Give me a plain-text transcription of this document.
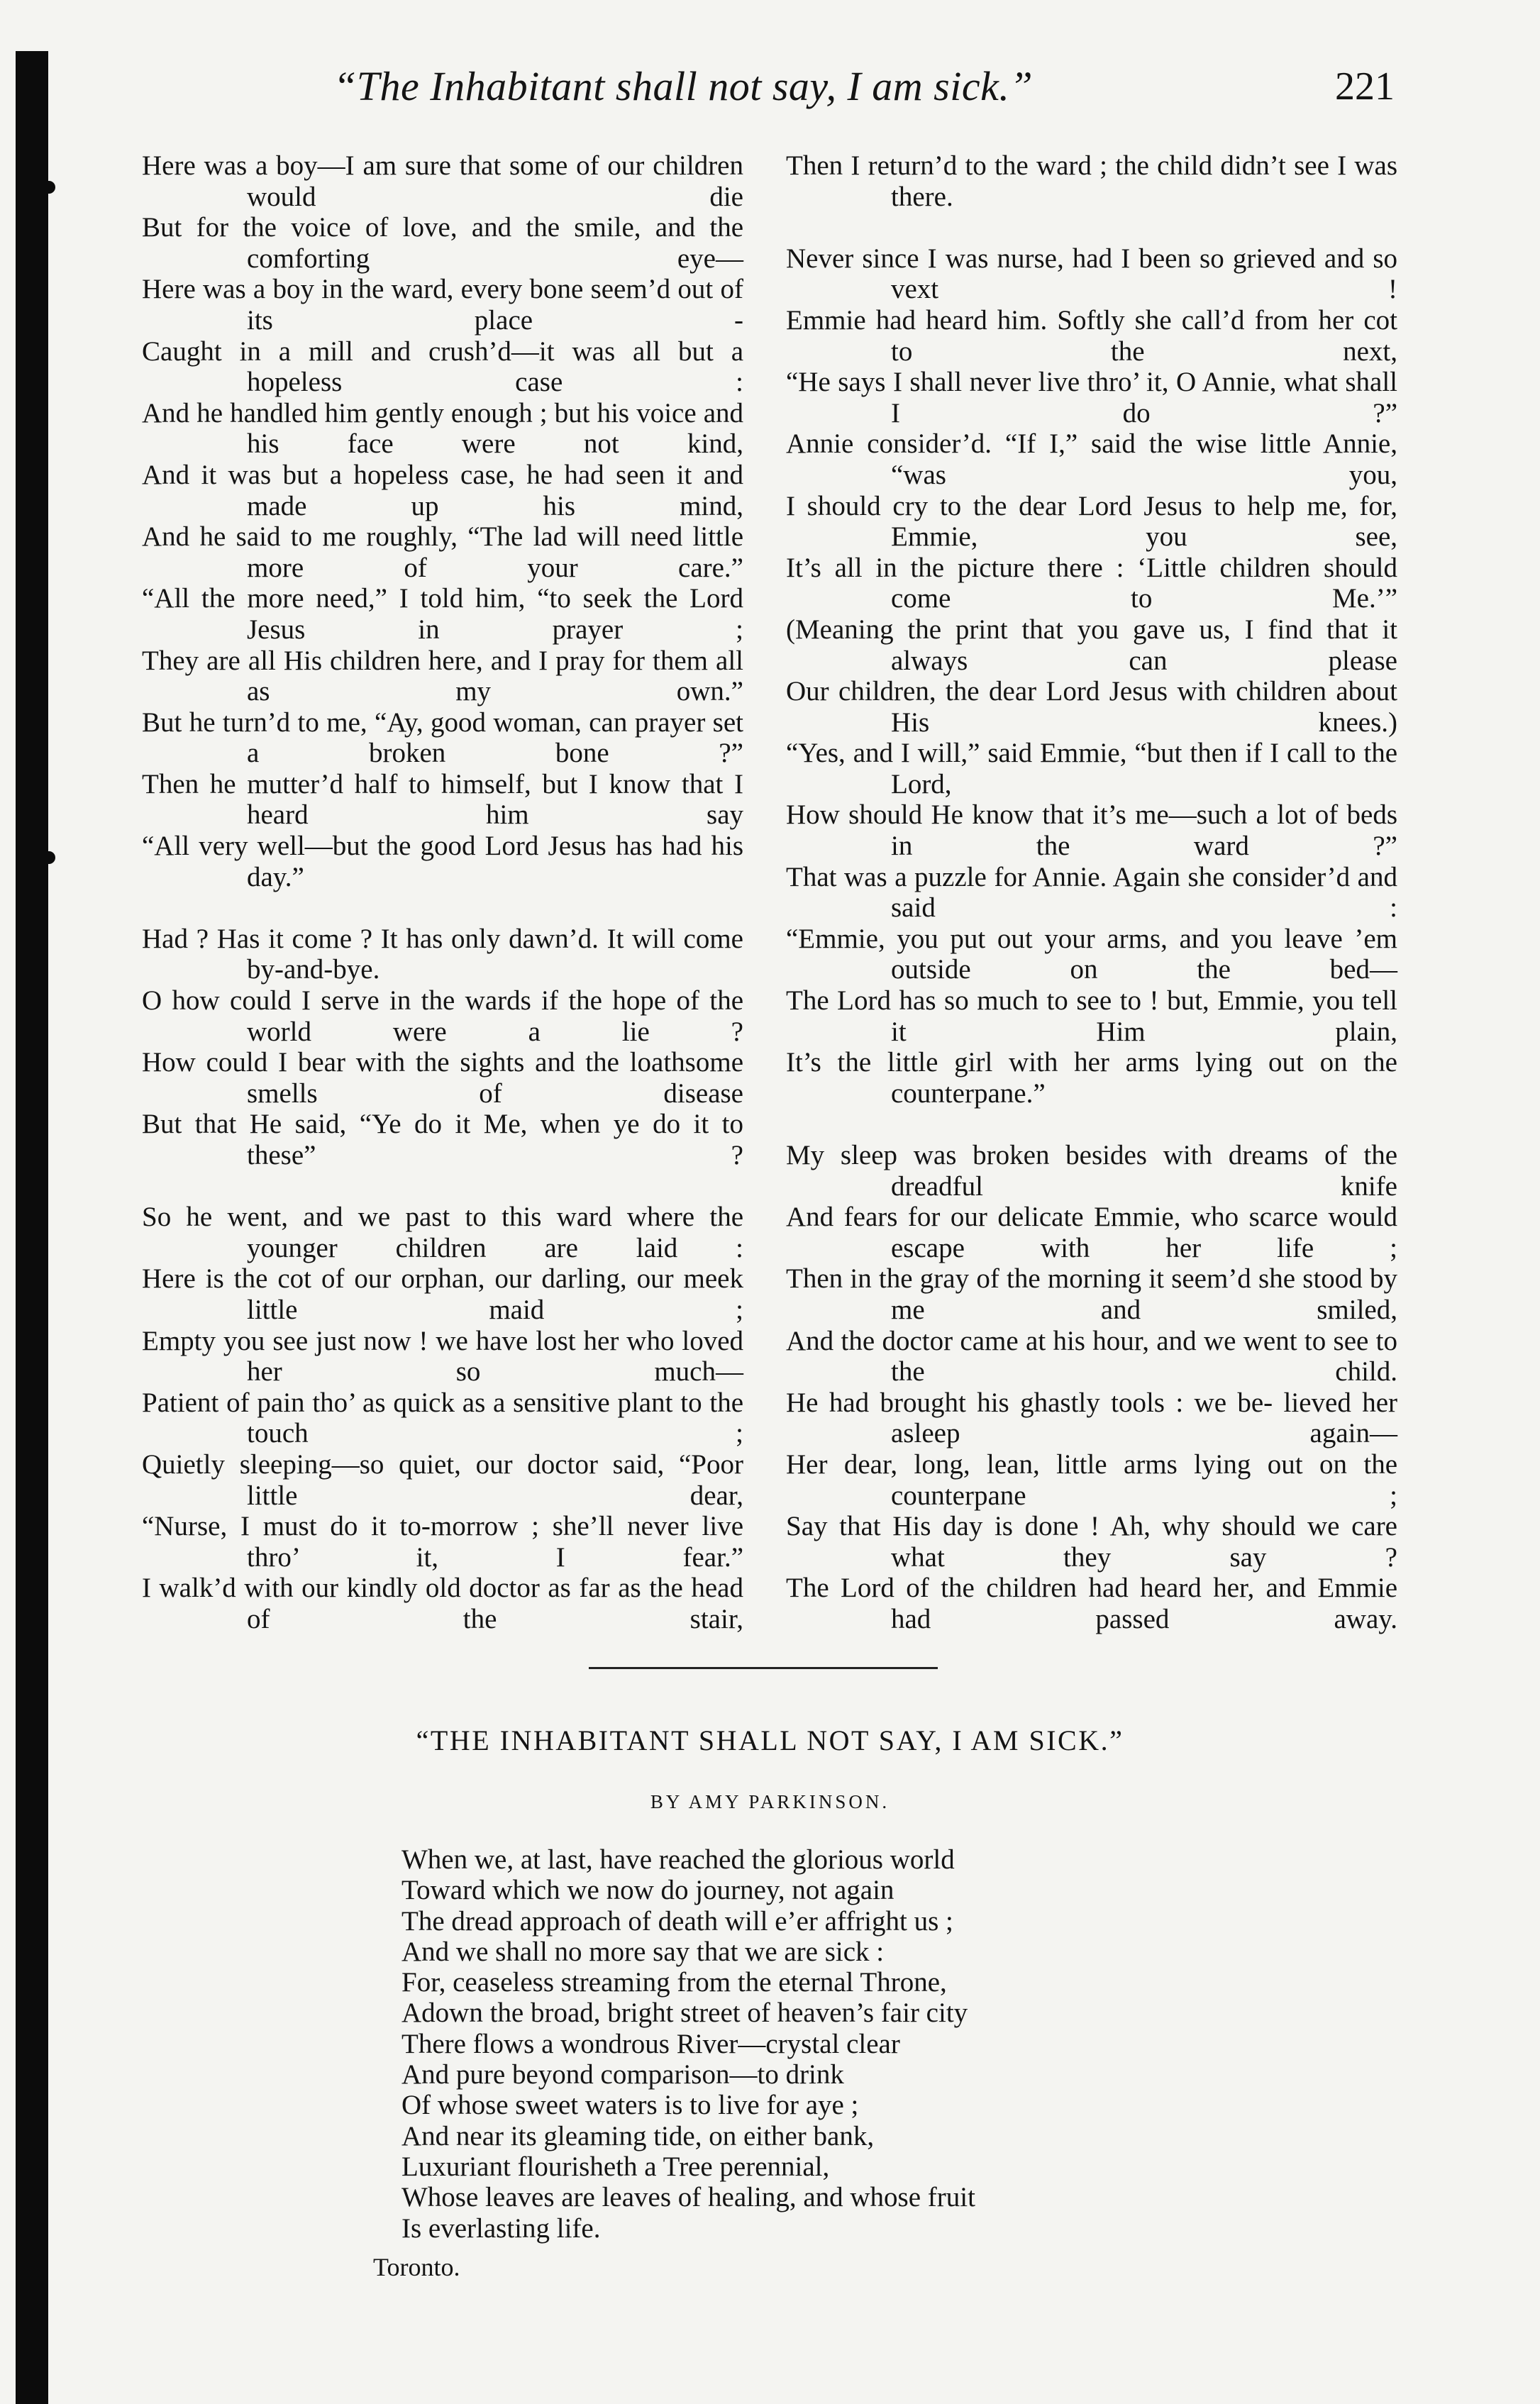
“The Inhabitant shall not say, I am sick.”	221
Here was a boy—I am sure that some of our children would die
But for the voice of love, and the smile, and the comforting eye—
Here was a boy in the ward, every bone seem’d out of its place -
Caught in a mill and crush’d—it was all but a hopeless case :
And he handled him gently enough ; but his voice and his face were not kind,
And it was but a hopeless case, he had seen it and made up his mind,
And he said to me roughly, “The lad will need little more of your care.”
“All the more need,” I told him, “to seek the Lord Jesus in prayer ;
They are all His children here, and I pray for them all as my own.”
But he turn’d to me, “Ay, good woman, can prayer set a broken bone ?”
Then he mutter’d half to himself, but I know that I heard him say
“All very well—but the good Lord Jesus has had his day.”
Had ? Has it come ? It has only dawn’d. It will come by-and-bye.
O how could I serve in the wards if the hope of the world were a lie ?
How could I bear with the sights and the loathsome smells of disease
But that He said, “Ye do it Me, when ye do it to these” ?
So he went, and we past to this ward where the younger children are laid :
Here is the cot of our orphan, our darling, our meek little maid ;
Empty you see just now ! we have lost her who loved her so much—
Patient of pain tho’ as quick as a sensitive plant to the touch ;
Quietly sleeping—so quiet, our doctor said, “Poor little dear,
“Nurse, I must do it to-morrow ; she’ll never live thro’ it, I fear.”
I walk’d with our kindly old doctor as far as the head of the stair,
Then I return’d to the ward ; the child didn’t see I was there.
Never since I was nurse, had I been so grieved and so vext !
Emmie had heard him. Softly she call’d from her cot to the next,
“He says I shall never live thro’ it, O Annie, what shall I do ?”
Annie consider’d. “If I,” said the wise little Annie, “was you,
I should cry to the dear Lord Jesus to help me, for, Emmie, you see,
It’s all in the picture there : ‘Little children should come to Me.’”
(Meaning the print that you gave us, I find that it always can please
Our children, the dear Lord Jesus with children about His knees.)
“Yes, and I will,” said Emmie, “but then if I call to the Lord,
How should He know that it’s me—such a lot of beds in the ward ?”
That was a puzzle for Annie. Again she consider’d and said :
“Emmie, you put out your arms, and you leave ’em outside on the bed—
The Lord has so much to see to ! but, Emmie, you tell it Him plain,
It’s the little girl with her arms lying out on the counterpane.”
My sleep was broken besides with dreams of the dreadful knife
And fears for our delicate Emmie, who scarce would escape with her life ;
Then in the gray of the morning it seem’d she stood by me and smiled,
And the doctor came at his hour, and we went to see to the child.
He had brought his ghastly tools : we be- lieved her asleep again—
Her dear, long, lean, little arms lying out on the counterpane ;
Say that His day is done ! Ah, why should we care what they say ?
The Lord of the children had heard her, and Emmie had passed away.
“THE INHABITANT SHALL NOT SAY, I AM SICK.”
BY AMY PARKINSON.
When we, at last, have reached the glorious world
Toward which we now do journey, not again
The dread approach of death will e’er affright us ;
And we shall no more say that we are sick :
For, ceaseless streaming from the eternal Throne,
Adown the broad, bright street of heaven’s fair city
There flows a wondrous River—crystal clear
And pure beyond comparison—to drink
Of whose sweet waters is to live for aye ;
And near its gleaming tide, on either bank,
Luxuriant flourisheth a Tree perennial,
Whose leaves are leaves of healing, and whose fruit
Is everlasting life.
Toronto.
